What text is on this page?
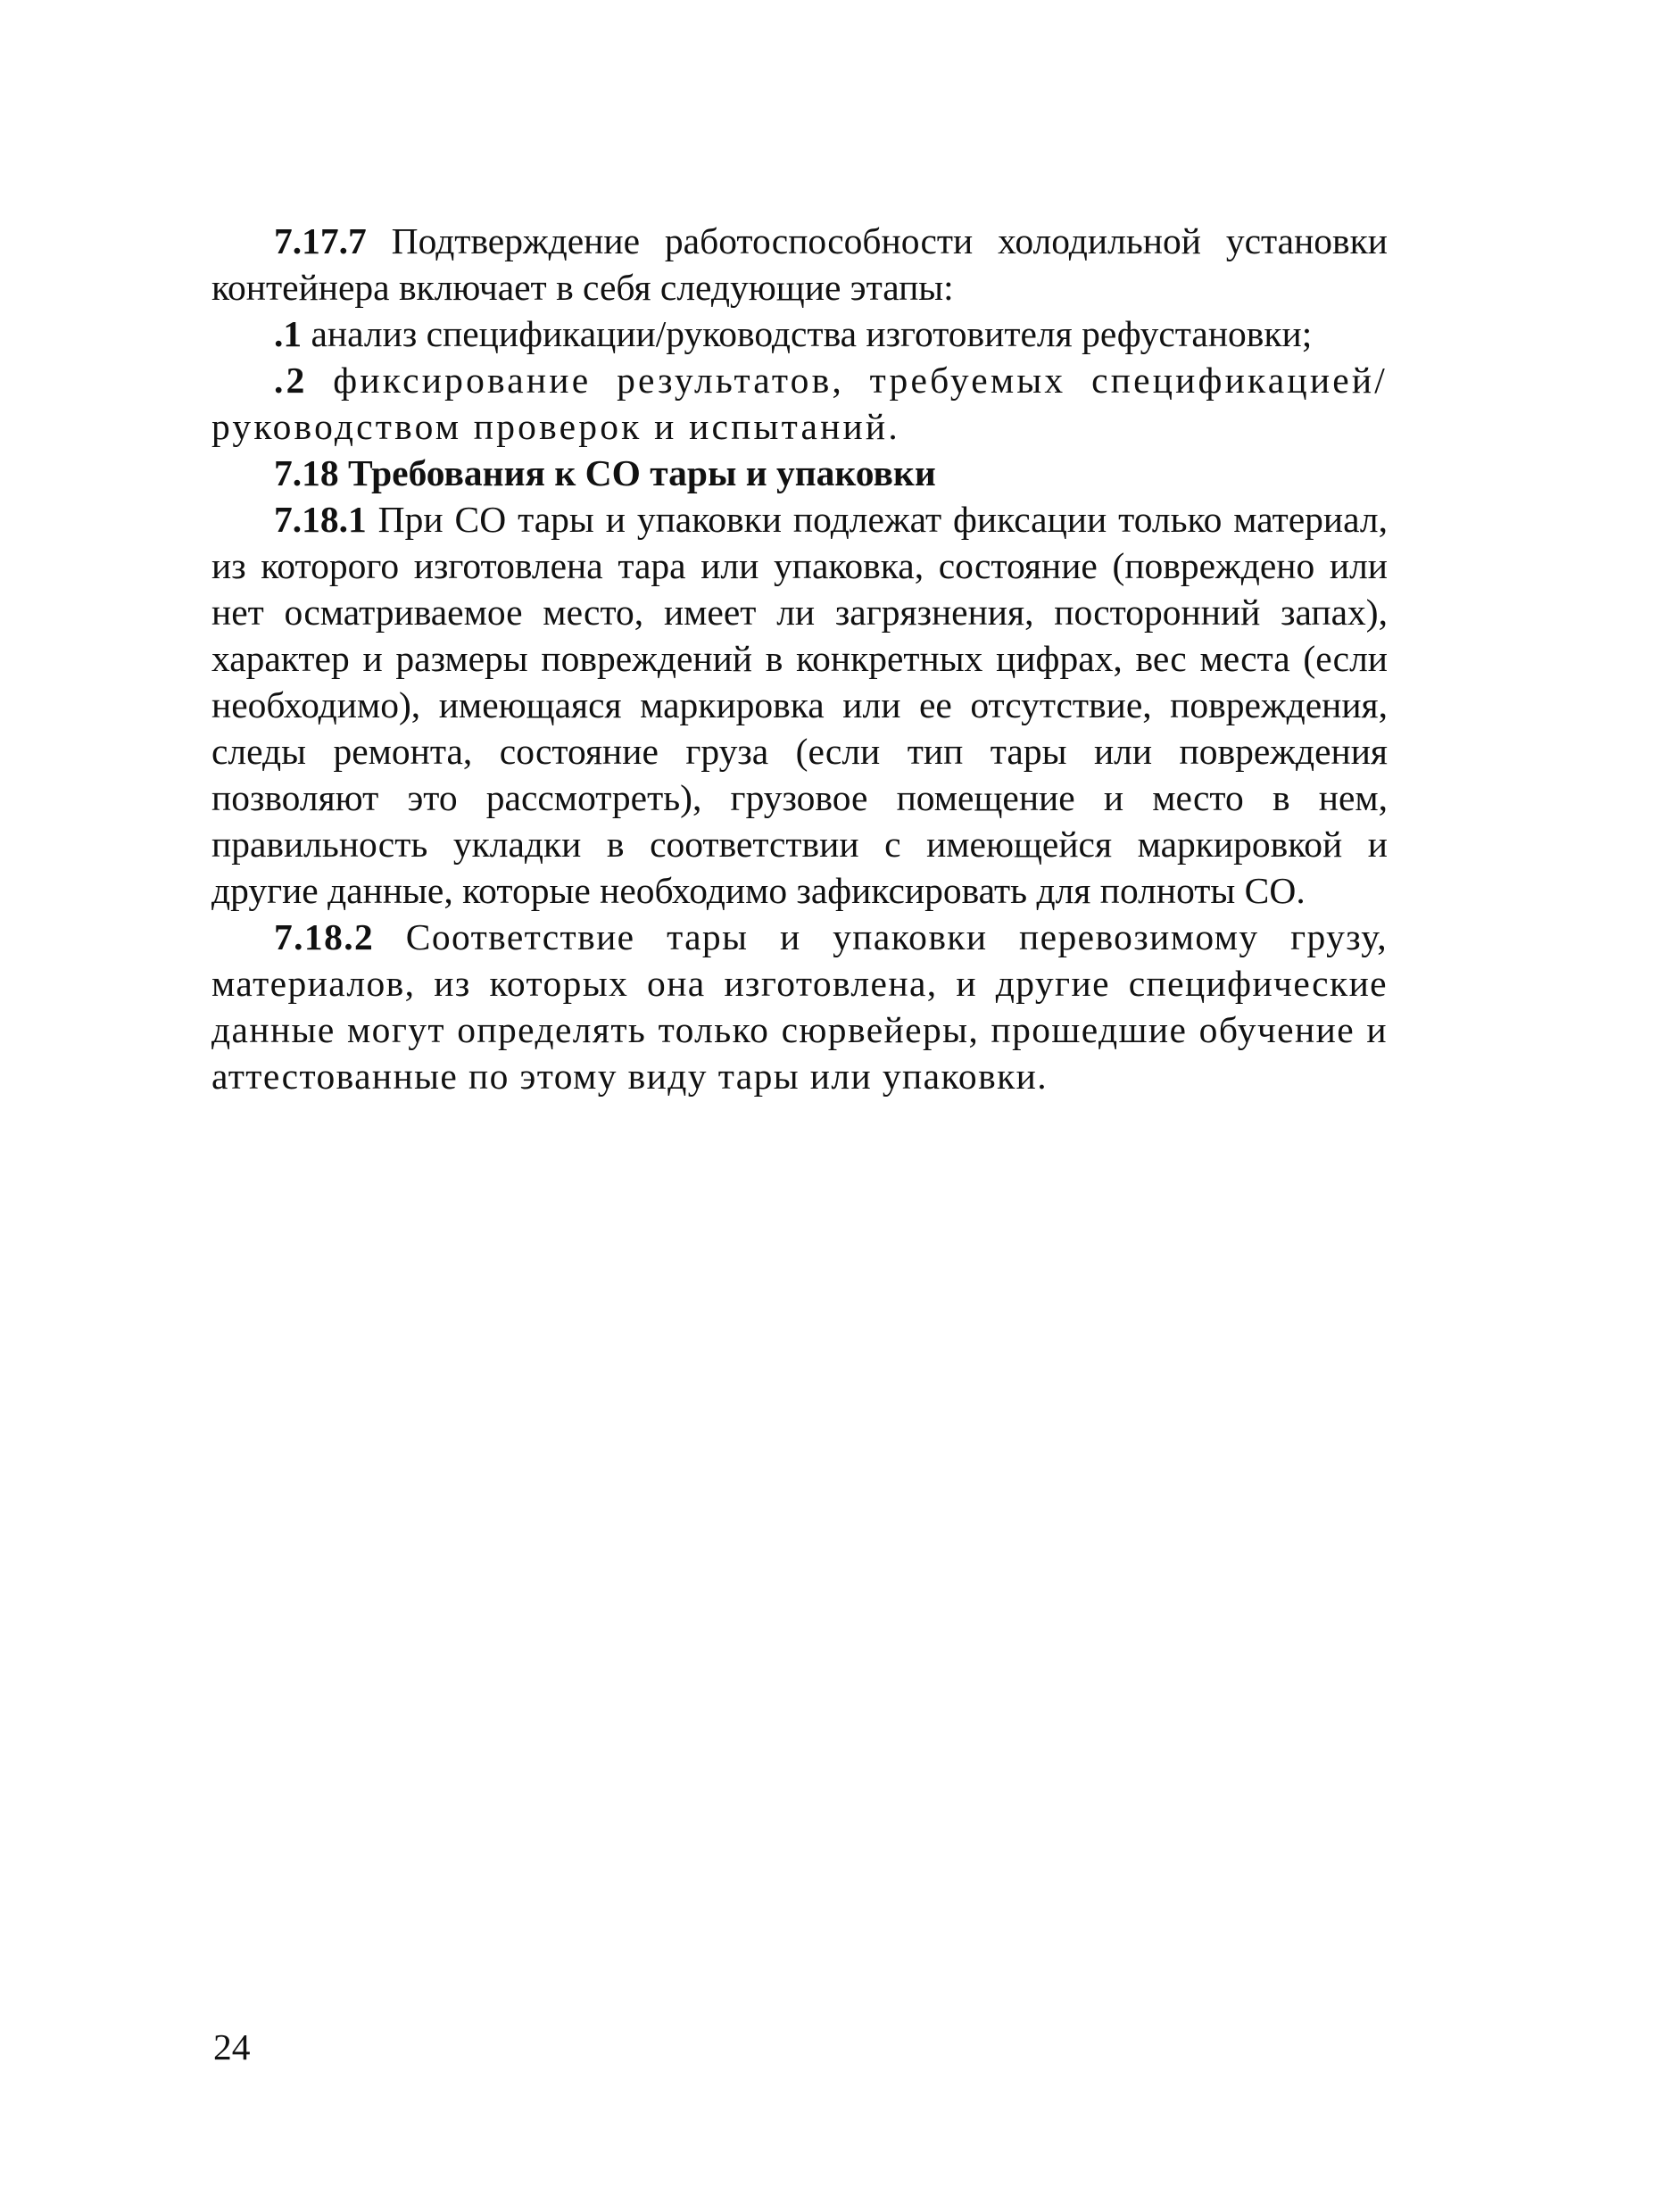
7.17.7 Подтверждение работоспособности холодильной установки контейнера включает в себя следующие этапы:

.1 анализ спецификации/руководства изготовителя рефустановки;

.2 фиксирование результатов, требуемых спецификацией/ руководством проверок и испытаний.

7.18 Требования к СО тары и упаковки

7.18.1 При СО тары и упаковки подлежат фиксации только материал, из которого изготовлена тара или упаковка, состояние (повреждено или нет осматриваемое место, имеет ли загрязнения, посторонний запах), характер и размеры повреждений в конкретных цифрах, вес места (если необходимо), имеющаяся маркировка или ее отсутствие, повреждения, следы ремонта, состояние груза (если тип тары или повреждения позволяют это рассмотреть), грузовое помещение и место в нем, правильность укладки в соответствии с имеющейся маркировкой и другие данные, которые необходимо зафиксировать для полноты СО.

7.18.2 Соответствие тары и упаковки перевозимому грузу, материалов, из которых она изготовлена, и другие специфические данные могут определять только сюрвейеры, прошедшие обучение и аттестованные по этому виду тары или упаковки.

24
